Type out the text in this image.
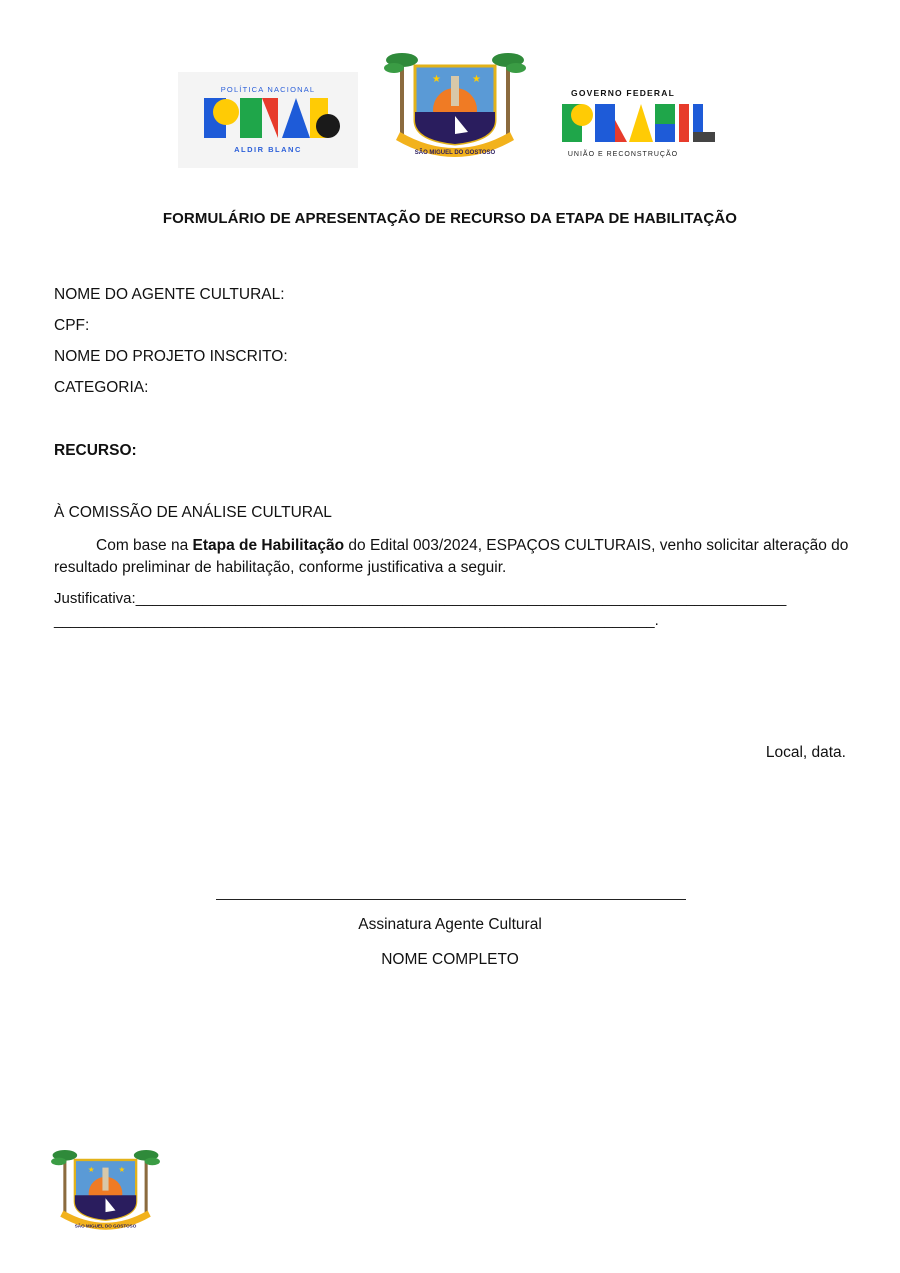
POLÍTICA NACIONAL
ALDIR BLANC
★	★
SÃO MIGUEL DO GOSTOSO
GOVERNO FEDERAL
UNIÃO E RECONSTRUÇÃO
FORMULÁRIO DE APRESENTAÇÃO DE RECURSO DA ETAPA DE HABILITAÇÃO
NOME DO AGENTE CULTURAL:
CPF:
NOME DO PROJETO INSCRITO:
CATEGORIA:
RECURSO:
À COMISSÃO DE ANÁLISE CULTURAL
Com base na Etapa de Habilitação do Edital 003/2024, ESPAÇOS CULTURAIS, venho solicitar alteração do resultado preliminar de habilitação, conforme justificativa a seguir.
Justificativa:______________________________________________________________________________
________________________________________________________________________.
Local, data.
Assinatura Agente Cultural
NOME COMPLETO
★ ★
SÃO MIGUEL DO GOSTOSO
